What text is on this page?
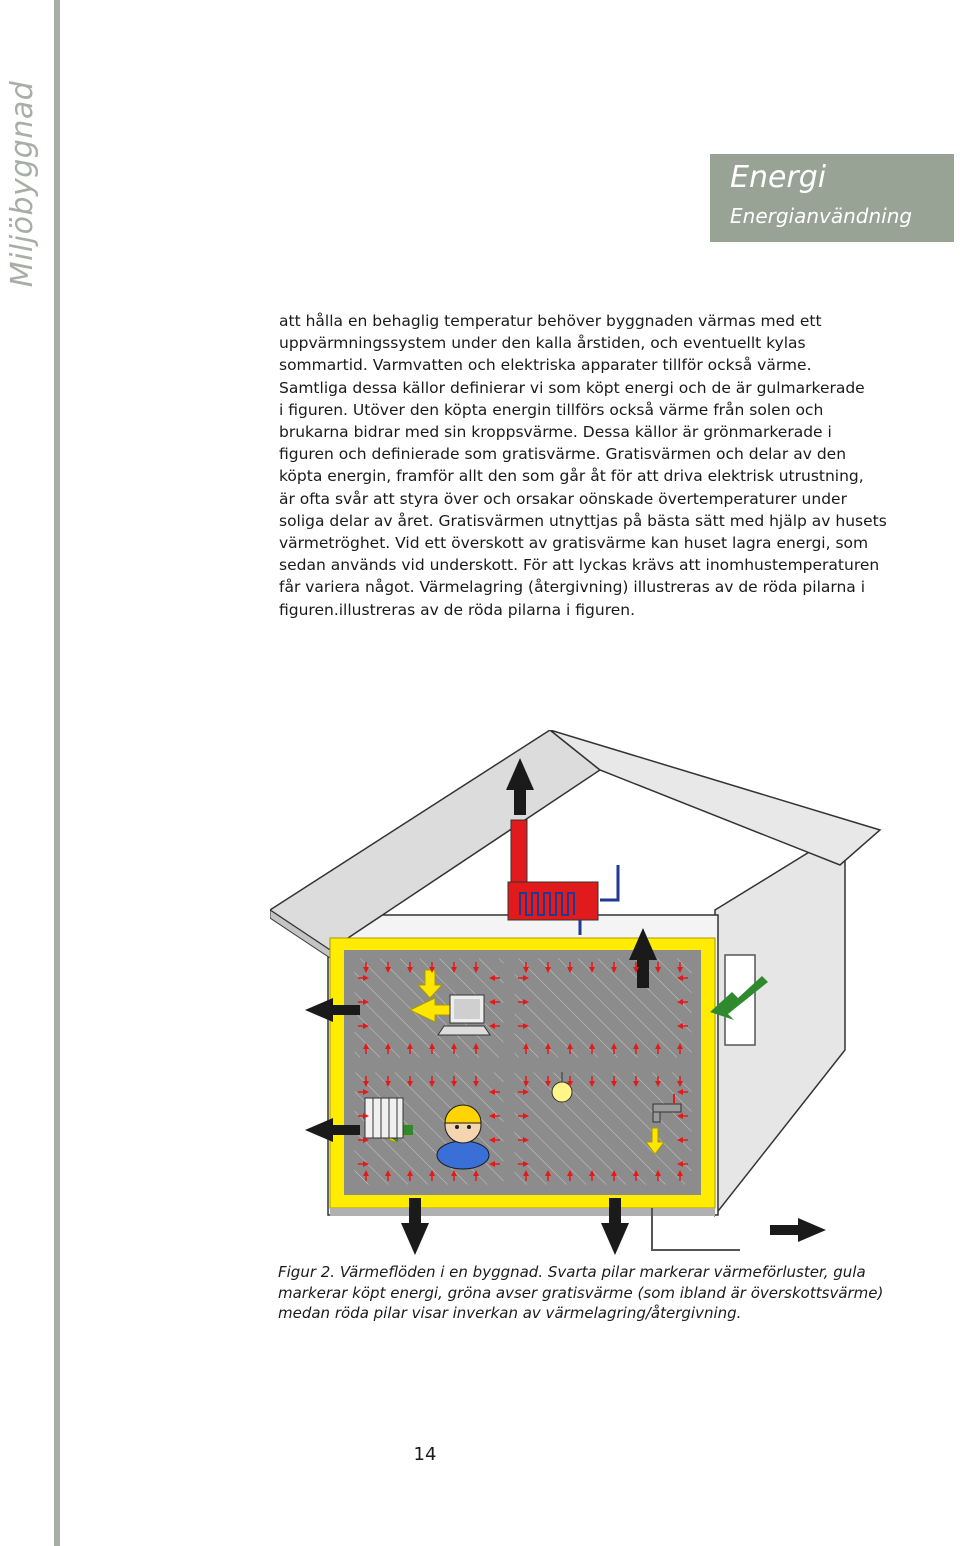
Miljöbyggnad	Energi
Energianvändning
att hålla en behaglig temperatur behöver byggnaden värmas med ett
uppvärmningssystem under den kalla årstiden, och eventuellt kylas
sommartid. Varmvatten och elektriska apparater tillför också värme.
Samtliga dessa källor definierar vi som köpt energi och de är gulmarkerade
i figuren. Utöver den köpta energin tillförs också värme från solen och
brukarna bidrar med sin kroppsvärme. Dessa källor är grönmarkerade i
figuren och definierade som gratisvärme. Gratisvärmen och delar av den
köpta energin, framför allt den som går åt för att driva elektrisk utrustning,
är ofta svår att styra över och orsakar oönskade övertemperaturer under
soliga delar av året. Gratisvärmen utnyttjas på bästa sätt med hjälp av husets
värmetröghet. Vid ett överskott av gratisvärme kan huset lagra energi, som
sedan används vid underskott. För att lyckas krävs att inomhustemperaturen
får variera något. Värmelagring (återgivning) illustreras av de röda pilarna i
figuren.illustreras av de röda pilarna i figuren.
Figur 2. Värmeflöden i en byggnad. Svarta pilar markerar värmeförluster, gula
markerar köpt energi, gröna avser gratisvärme (som ibland är överskottsvärme)
medan röda pilar visar inverkan av värmelagring/återgivning.
14
